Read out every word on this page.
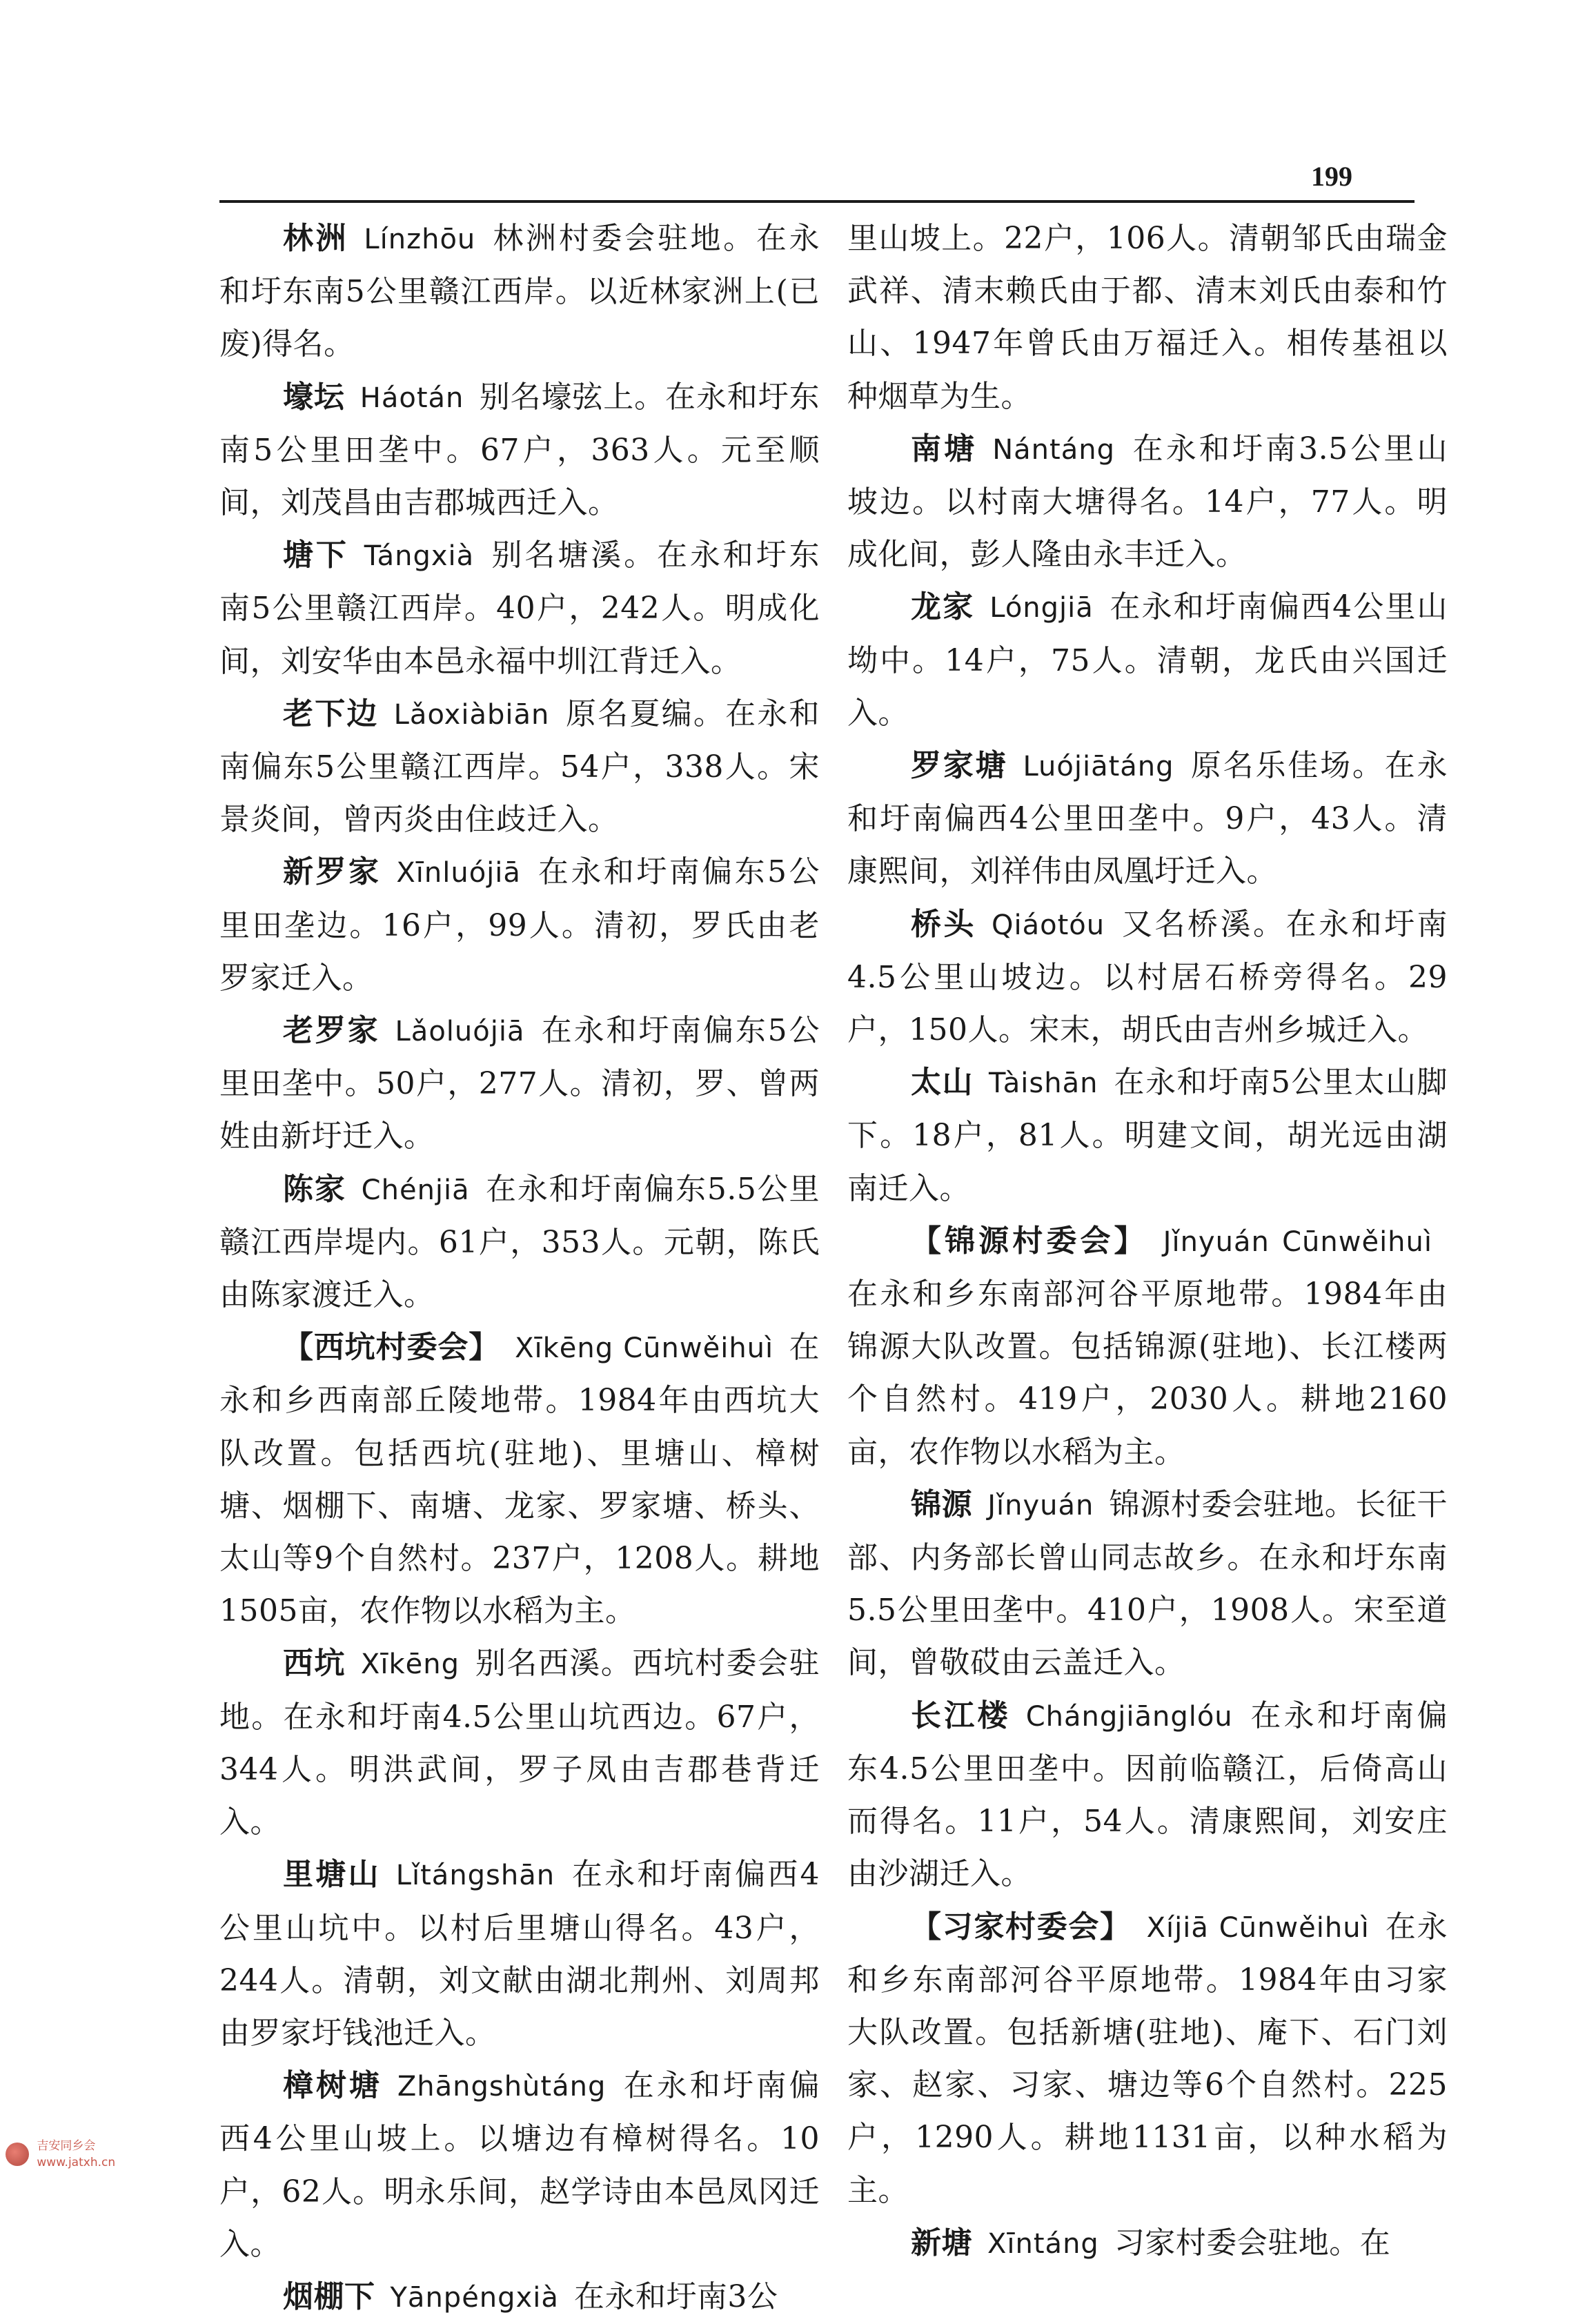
199

林洲 Línzhōu 林洲村委会驻地。在永和圩东南5公里赣江西岸。以近林家洲上(已废)得名。

壕坛 Háotán 别名壕弦上。在永和圩东南5公里田垄中。67户，363人。元至顺间，刘茂昌由吉郡城西迁入。

塘下 Tángxià 别名塘溪。在永和圩东南5公里赣江西岸。40户，242人。明成化间，刘安华由本邑永福中圳江背迁入。

老下边 Lǎoxiàbiān 原名夏编。在永和南偏东5公里赣江西岸。54户，338人。宋景炎间，曾丙炎由住歧迁入。

新罗家 Xīnluójiā 在永和圩南偏东5公里田垄边。16户，99人。清初，罗氏由老罗家迁入。

老罗家 Lǎoluójiā 在永和圩南偏东5公里田垄中。50户，277人。清初，罗、曾两姓由新圩迁入。

陈家 Chénjiā 在永和圩南偏东5.5公里赣江西岸堤内。61户，353人。元朝，陈氏由陈家渡迁入。

【西坑村委会】 Xīkēng Cūnwěihuì 在永和乡西南部丘陵地带。1984年由西坑大队改置。包括西坑(驻地)、里塘山、樟树塘、烟棚下、南塘、龙家、罗家塘、桥头、太山等9个自然村。237户，1208人。耕地1505亩，农作物以水稻为主。

西坑 Xīkēng 别名西溪。西坑村委会驻地。在永和圩南4.5公里山坑西边。67户，344人。明洪武间，罗子凤由吉郡巷背迁入。

里塘山 Lǐtángshān 在永和圩南偏西4公里山坑中。以村后里塘山得名。43户，244人。清朝，刘文献由湖北荆州、刘周邦由罗家圩钱池迁入。

樟树塘 Zhāngshùtáng 在永和圩南偏西4公里山坡上。以塘边有樟树得名。10户，62人。明永乐间，赵学诗由本邑凤冈迁入。

烟棚下 Yānpéngxià 在永和圩南3公

里山坡上。22户，106人。清朝邹氏由瑞金武祥、清末赖氏由于都、清末刘氏由泰和竹山、1947年曾氏由万福迁入。相传基祖以种烟草为生。

南塘 Nántáng 在永和圩南3.5公里山坡边。以村南大塘得名。14户，77人。明成化间，彭人隆由永丰迁入。

龙家 Lóngjiā 在永和圩南偏西4公里山坳中。14户，75人。清朝，龙氏由兴国迁入。

罗家塘 Luójiātáng 原名乐佳场。在永和圩南偏西4公里田垄中。9户，43人。清康熙间，刘祥伟由凤凰圩迁入。

桥头 Qiáotóu 又名桥溪。在永和圩南4.5公里山坡边。以村居石桥旁得名。29户，150人。宋末，胡氏由吉州乡城迁入。

太山 Tàishān 在永和圩南5公里太山脚下。18户，81人。明建文间，胡光远由湖南迁入。

【锦源村委会】 Jǐnyuán Cūnwěihuì在永和乡东南部河谷平原地带。1984年由锦源大队改置。包括锦源(驻地)、长江楼两个自然村。419户，2030人。耕地2160亩，农作物以水稻为主。

锦源 Jǐnyuán 锦源村委会驻地。长征干部、内务部长曾山同志故乡。在永和圩东南5.5公里田垄中。410户，1908人。宋至道间，曾敬砹由云盖迁入。

长江楼 Chángjiānglóu 在永和圩南偏东4.5公里田垄中。因前临赣江，后倚高山而得名。11户，54人。清康熙间，刘安庄由沙湖迁入。

【习家村委会】 Xíjiā Cūnwěihuì 在永和乡东南部河谷平原地带。1984年由习家大队改置。包括新塘(驻地)、庵下、石门刘家、赵家、习家、塘边等6个自然村。225户，1290人。耕地1131亩，以种水稻为主。

新塘 Xīntáng 习家村委会驻地。在

吉安同乡会
www.jatxh.cn
